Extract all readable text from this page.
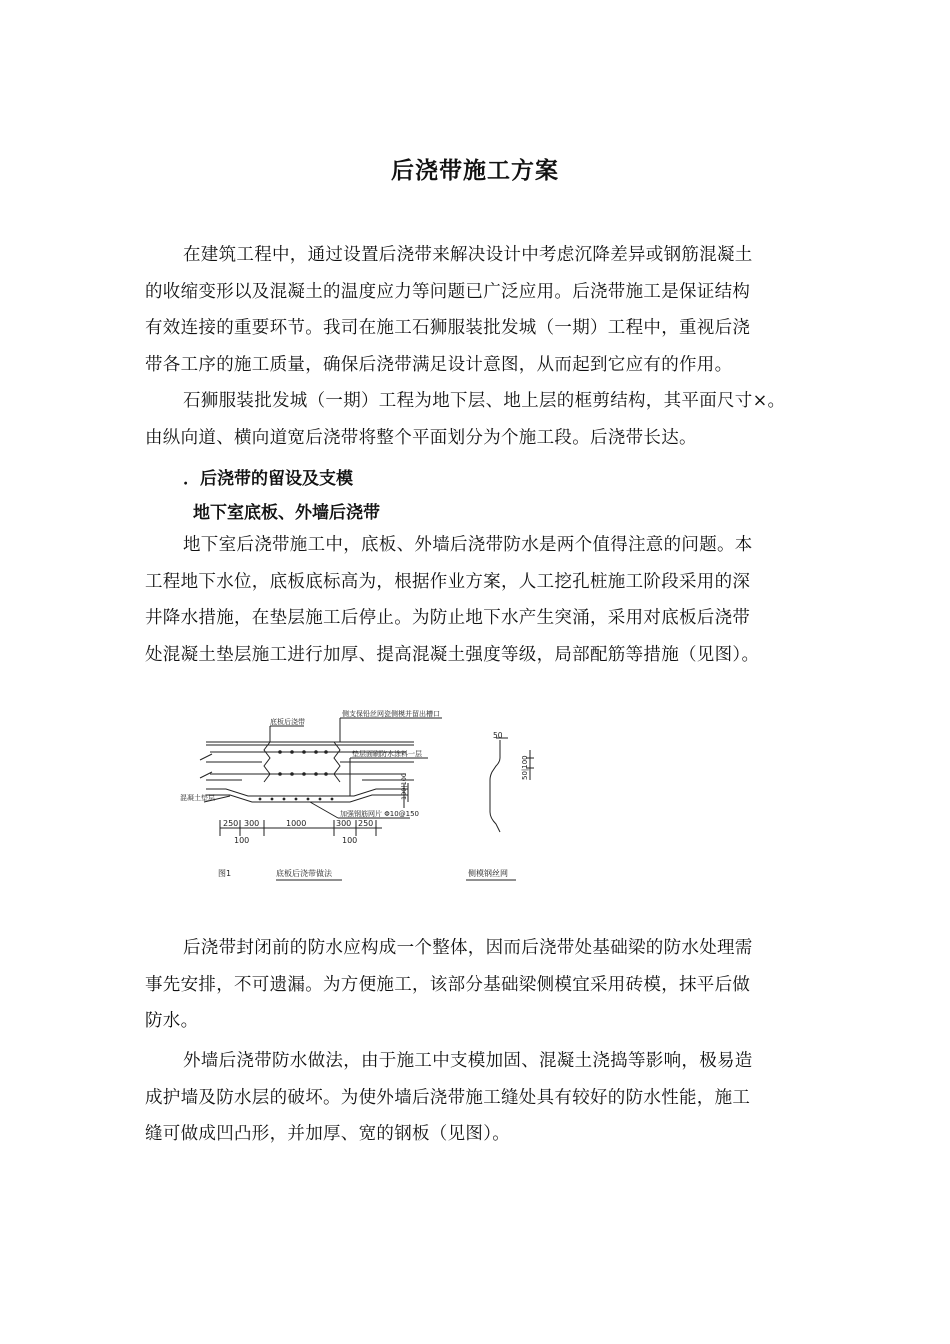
后浇带施工方案
在建筑工程中，通过设置后浇带来解决设计中考虑沉降差异或钢筋混凝土
的收缩变形以及混凝土的温度应力等问题已广泛应用。后浇带施工是保证结构
有效连接的重要环节。我司在施工石狮服装批发城（一期）工程中，重视后浇
带各工序的施工质量，确保后浇带满足设计意图，从而起到它应有的作用。
石狮服装批发城（一期）工程为地下层、地上层的框剪结构，其平面尺寸×。
由纵向道、横向道宽后浇带将整个平面划分为个施工段。后浇带长达。
．后浇带的留设及支模
地下室底板、外墙后浇带
地下室后浇带施工中，底板、外墙后浇带防水是两个值得注意的问题。本
工程地下水位，底板底标高为，根据作业方案，人工挖孔桩施工阶段采用的深
井降水措施，在垫层施工后停止。为防止地下水产生突涌，采用对底板后浇带
处混凝土垫层施工进行加厚、提高混凝土强度等级，局部配筋等措施（见图）。
底板后浇带
侧支保铅丝网瓷侧模并留出槽口
垫层面刷防水涂料一层
混凝土垫层
加强钢筋网片 Φ10@150
100|100
250 300	1000	300 250
100	100
图1	底板后浇带做法
50
50|100
侧模钢丝网
后浇带封闭前的防水应构成一个整体，因而后浇带处基础梁的防水处理需
事先安排，不可遗漏。为方便施工，该部分基础梁侧模宜采用砖模，抹平后做
防水。
外墙后浇带防水做法，由于施工中支模加固、混凝土浇捣等影响，极易造
成护墙及防水层的破坏。为使外墙后浇带施工缝处具有较好的防水性能，施工
缝可做成凹凸形，并加厚、宽的钢板（见图）。
